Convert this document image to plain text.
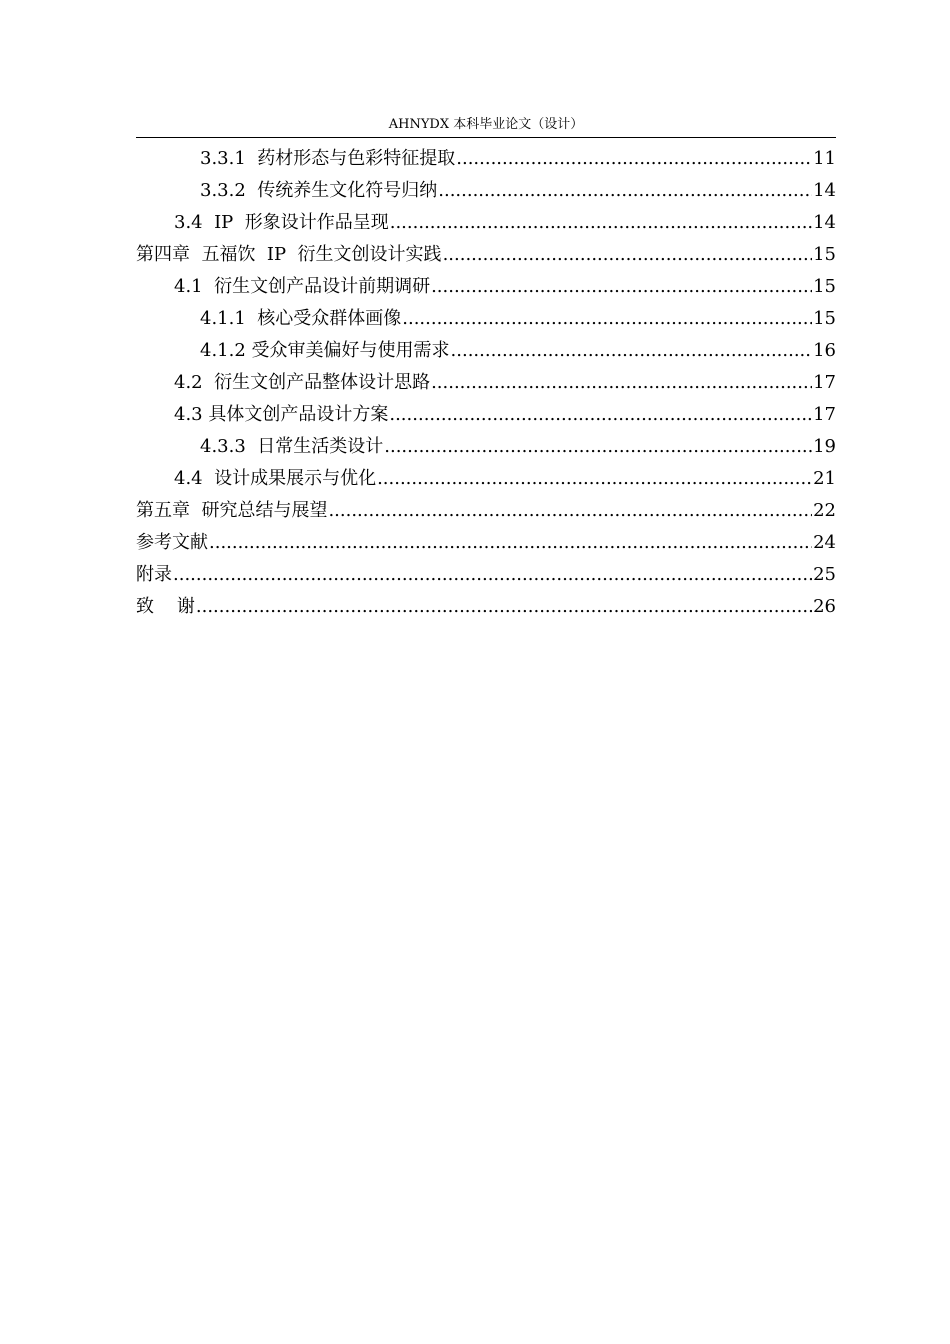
AHNYDX 本科毕业论文（设计）
3.3.1  药材形态与色彩特征提取 .....	11
3.3.2  传统养生文化符号归纳 .....	14
3.4  IP  形象设计作品呈现 .....	14
第四章  五福饮  IP  衍生文创设计实践 .....	15
4.1  衍生文创产品设计前期调研 .....	15
4.1.1  核心受众群体画像 .....	15
4.1.2 受众审美偏好与使用需求 .....	16
4.2  衍生文创产品整体设计思路 .....	17
4.3 具体文创产品设计方案 .....	17
4.3.3  日常生活类设计 .....	19
4.4  设计成果展示与优化 .....	21
第五章  研究总结与展望 .....	22
参考文献 .....	24
附录 .....	25
致    谢 .....	26
